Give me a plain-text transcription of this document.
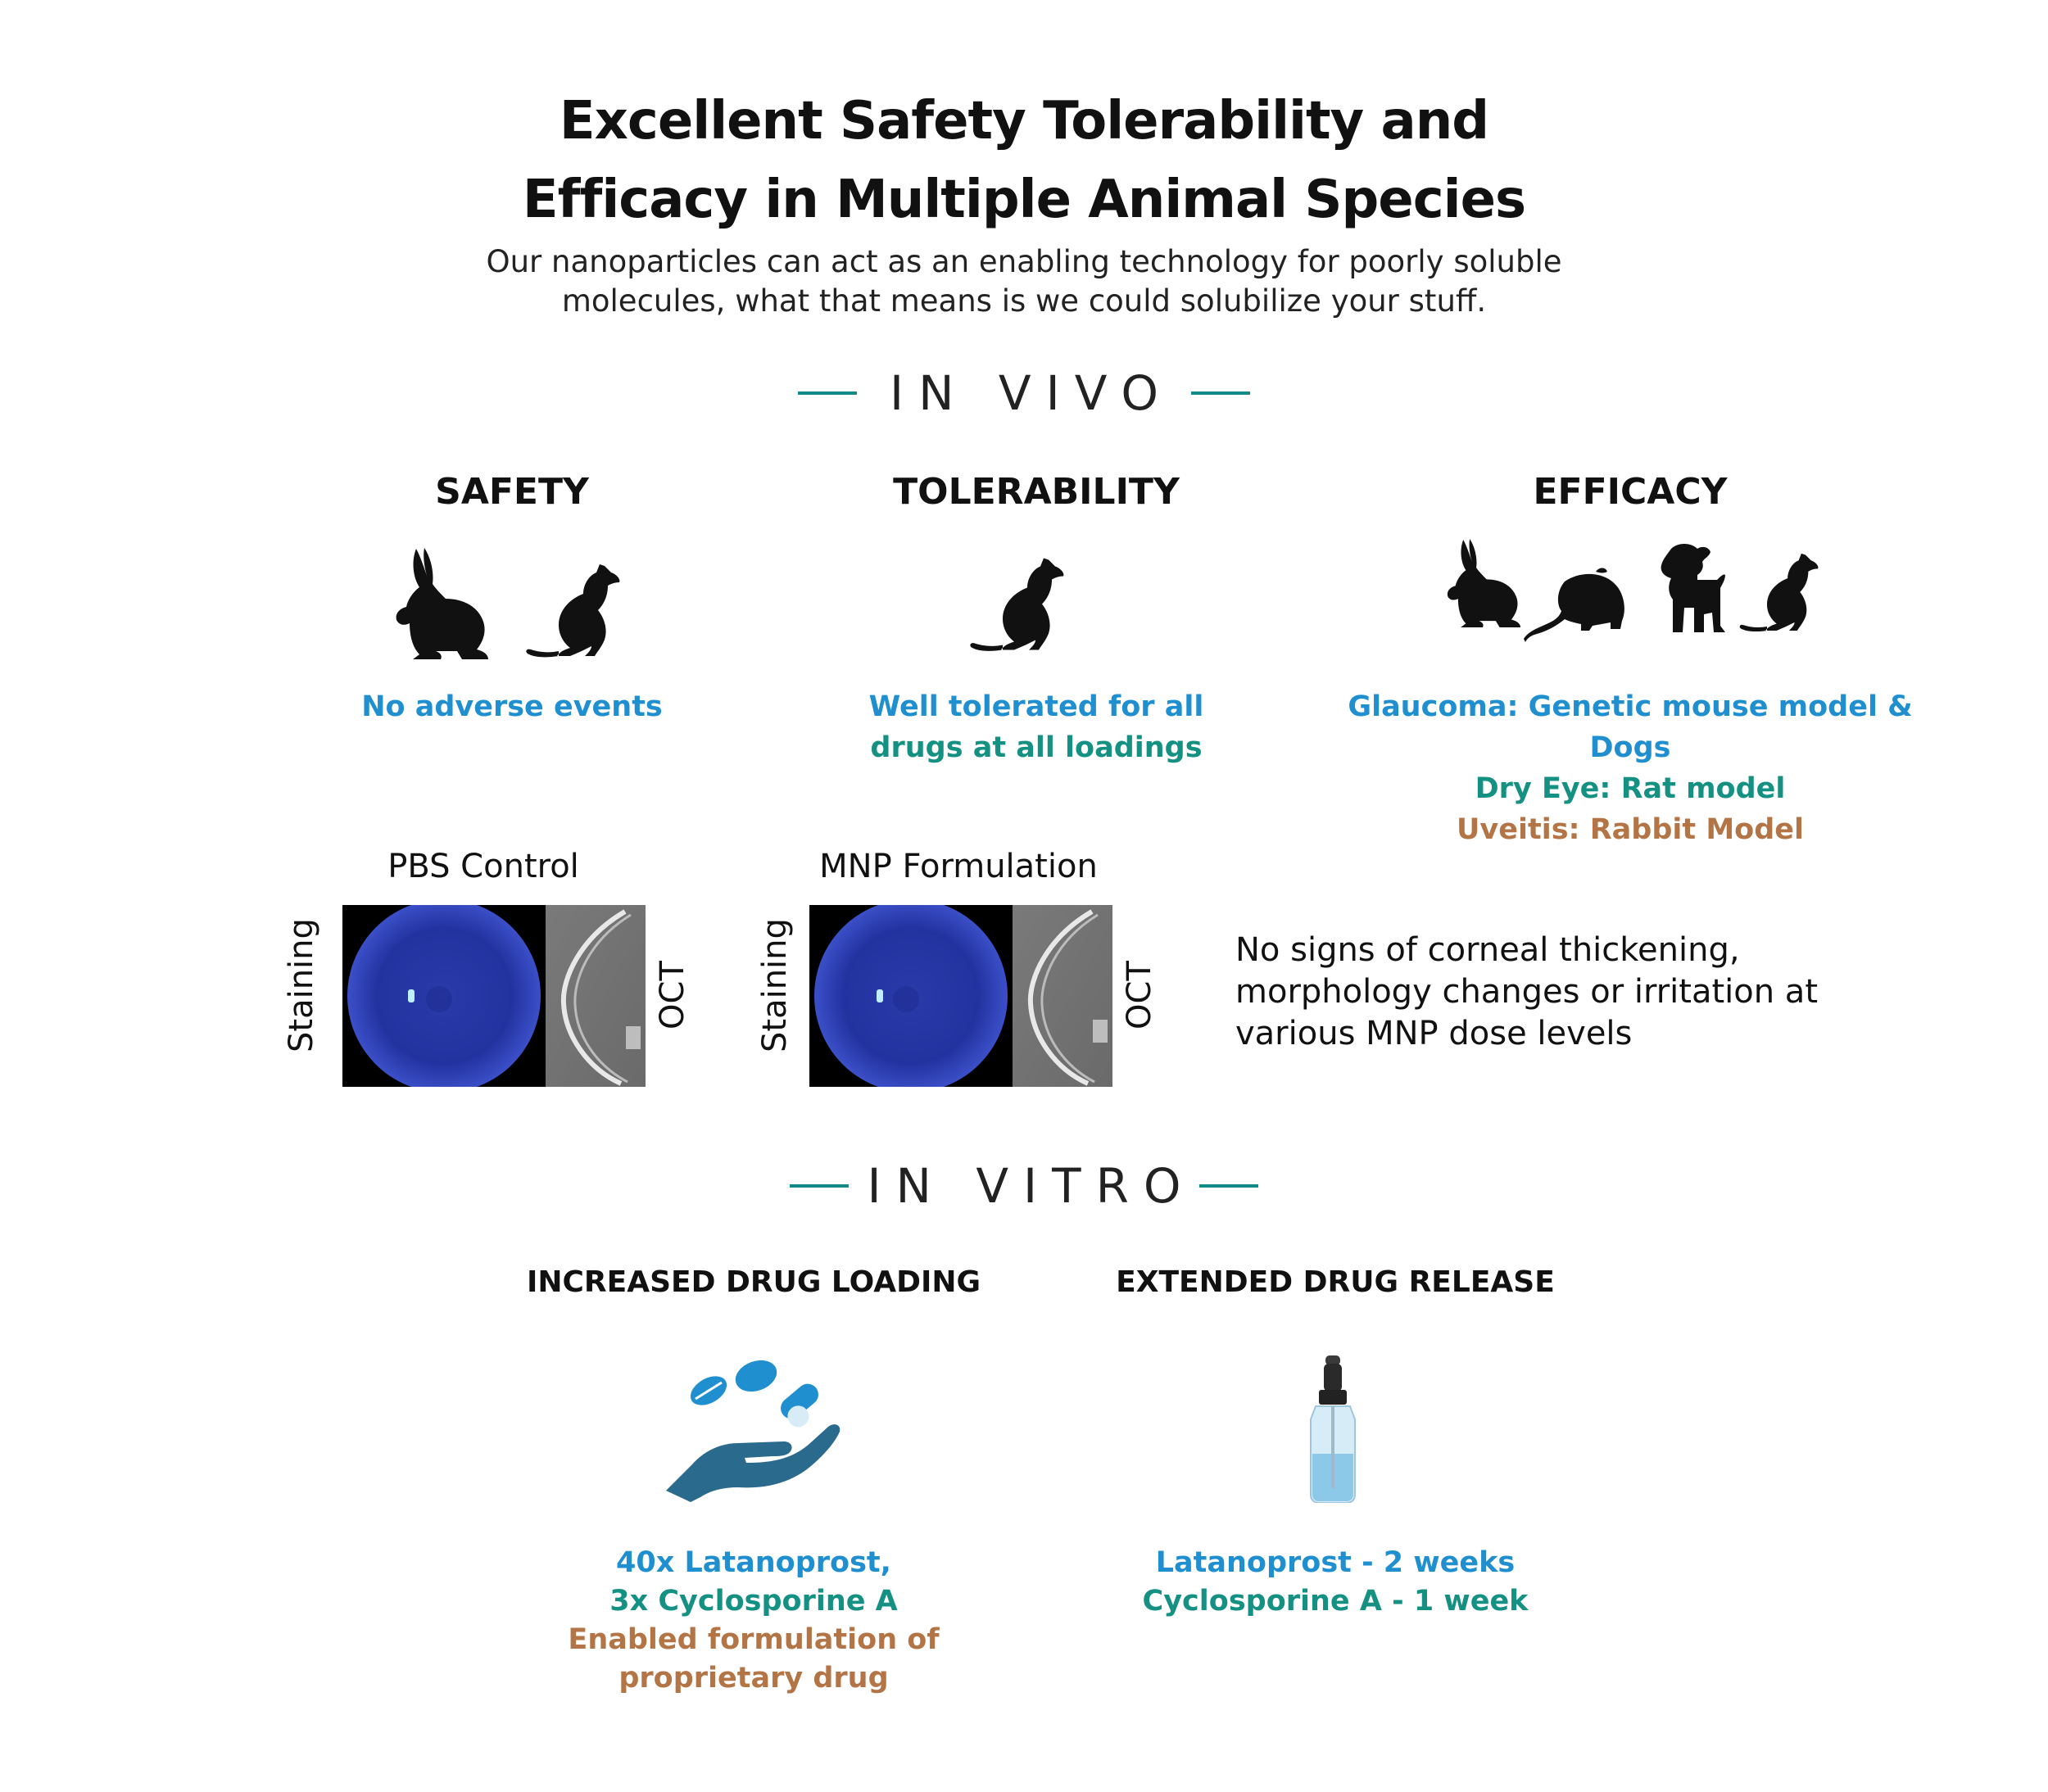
Excellent Safety Tolerability and
Efficacy in Multiple Animal Species
Our nanoparticles can act as an enabling technology for poorly soluble
molecules, what that means is we could solubilize your stuff.
IN VIVO
SAFETY	TOLERABILITY	EFFICACY
No adverse events	Well tolerated for all
drugs at all loadings
Glaucoma: Genetic mouse model & Dogs
Dry Eye: Rat model
Uveitis: Rabbit Model
PBS Control	MNP Formulation
Staining	OCT Staining	OCT
No signs of corneal thickening,
morphology changes or irritation at
various MNP dose levels
IN VITRO
INCREASED DRUG LOADING	EXTENDED DRUG RELEASE
40x Latanoprost,
3x Cyclosporine A
Enabled formulation of
proprietary drug
Latanoprost - 2 weeks
Cyclosporine A - 1 week
